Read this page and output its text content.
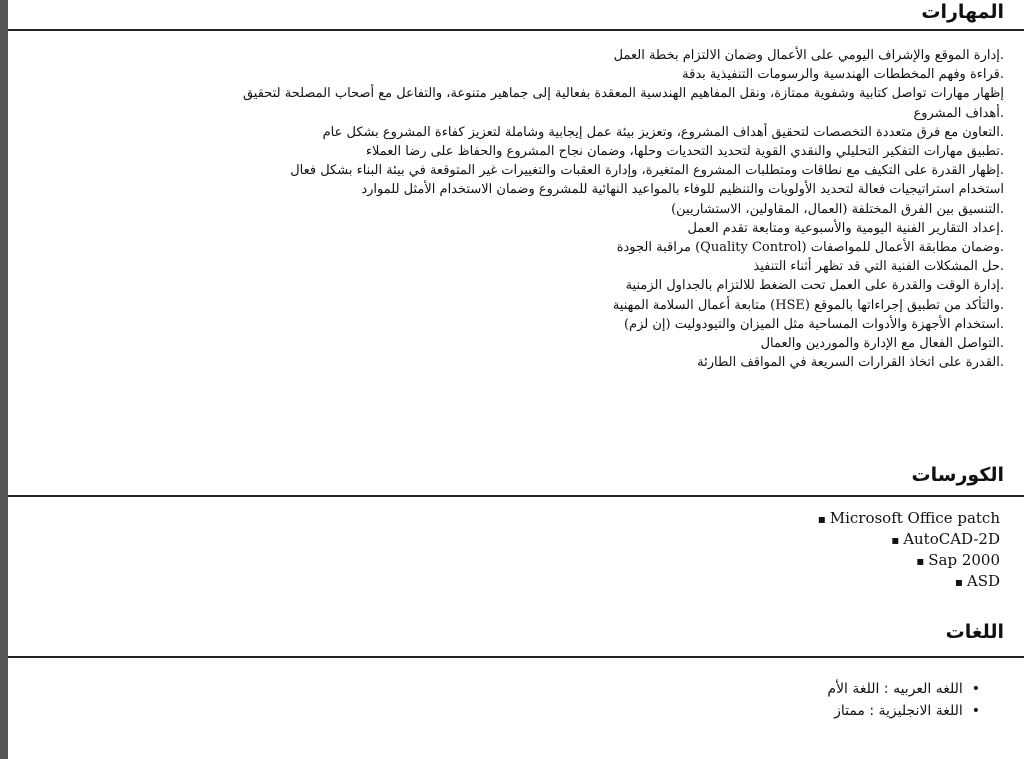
المهارات
.إدارة الموقع والإشراف اليومي على الأعمال وضمان الالتزام بخطة العمل
.قراءة وفهم المخططات الهندسية والرسومات التنفيذية بدقة
إظهار مهارات تواصل كتابية وشفوية ممتازة، ونقل المفاهيم الهندسية المعقدة بفعالية إلى جماهير متنوعة، والتفاعل مع أصحاب المصلحة لتحقيق
.أهداف المشروع
.التعاون مع فرق متعددة التخصصات لتحقيق أهداف المشروع، وتعزيز بيئة عمل إيجابية وشاملة لتعزيز كفاءة المشروع بشكل عام
.تطبيق مهارات التفكير التحليلي والنقدي القوية لتحديد التحديات وحلها، وضمان نجاح المشروع والحفاظ على رضا العملاء
.إظهار القدرة على التكيف مع نطاقات ومتطلبات المشروع المتغيرة، وإدارة العقبات والتغييرات غير المتوقعة في بيئة البناء بشكل فعال
استخدام استراتيجيات فعالة لتحديد الأولويات والتنظيم للوفاء بالمواعيد النهائية للمشروع وضمان الاستخدام الأمثل للموارد
.التنسيق بين الفرق المختلفة (العمال، المقاولين، الاستشاريين)
.إعداد التقارير الفنية اليومية والأسبوعية ومتابعة تقدم العمل
.وضمان مطابقة الأعمال للمواصفات (Quality Control) مراقبة الجودة
.حل المشكلات الفنية التي قد تظهر أثناء التنفيذ
.إدارة الوقت والقدرة على العمل تحت الضغط للالتزام بالجداول الزمنية
.والتأكد من تطبيق إجراءاتها بالموقع (HSE) متابعة أعمال السلامة المهنية
.استخدام الأجهزة والأدوات المساحية مثل الميزان والتيودوليت (إن لزم)
.التواصل الفعال مع الإدارة والموردين والعمال
.القدرة على اتخاذ القرارات السريعة في المواقف الطارئة
الكورسات
▪ Microsoft Office patch
▪ AutoCAD-2D
▪ Sap 2000
▪ ASD
اللغات
•  اللغه العربيه : اللغة الأم
•  اللغة الانجليزية : ممتاز
